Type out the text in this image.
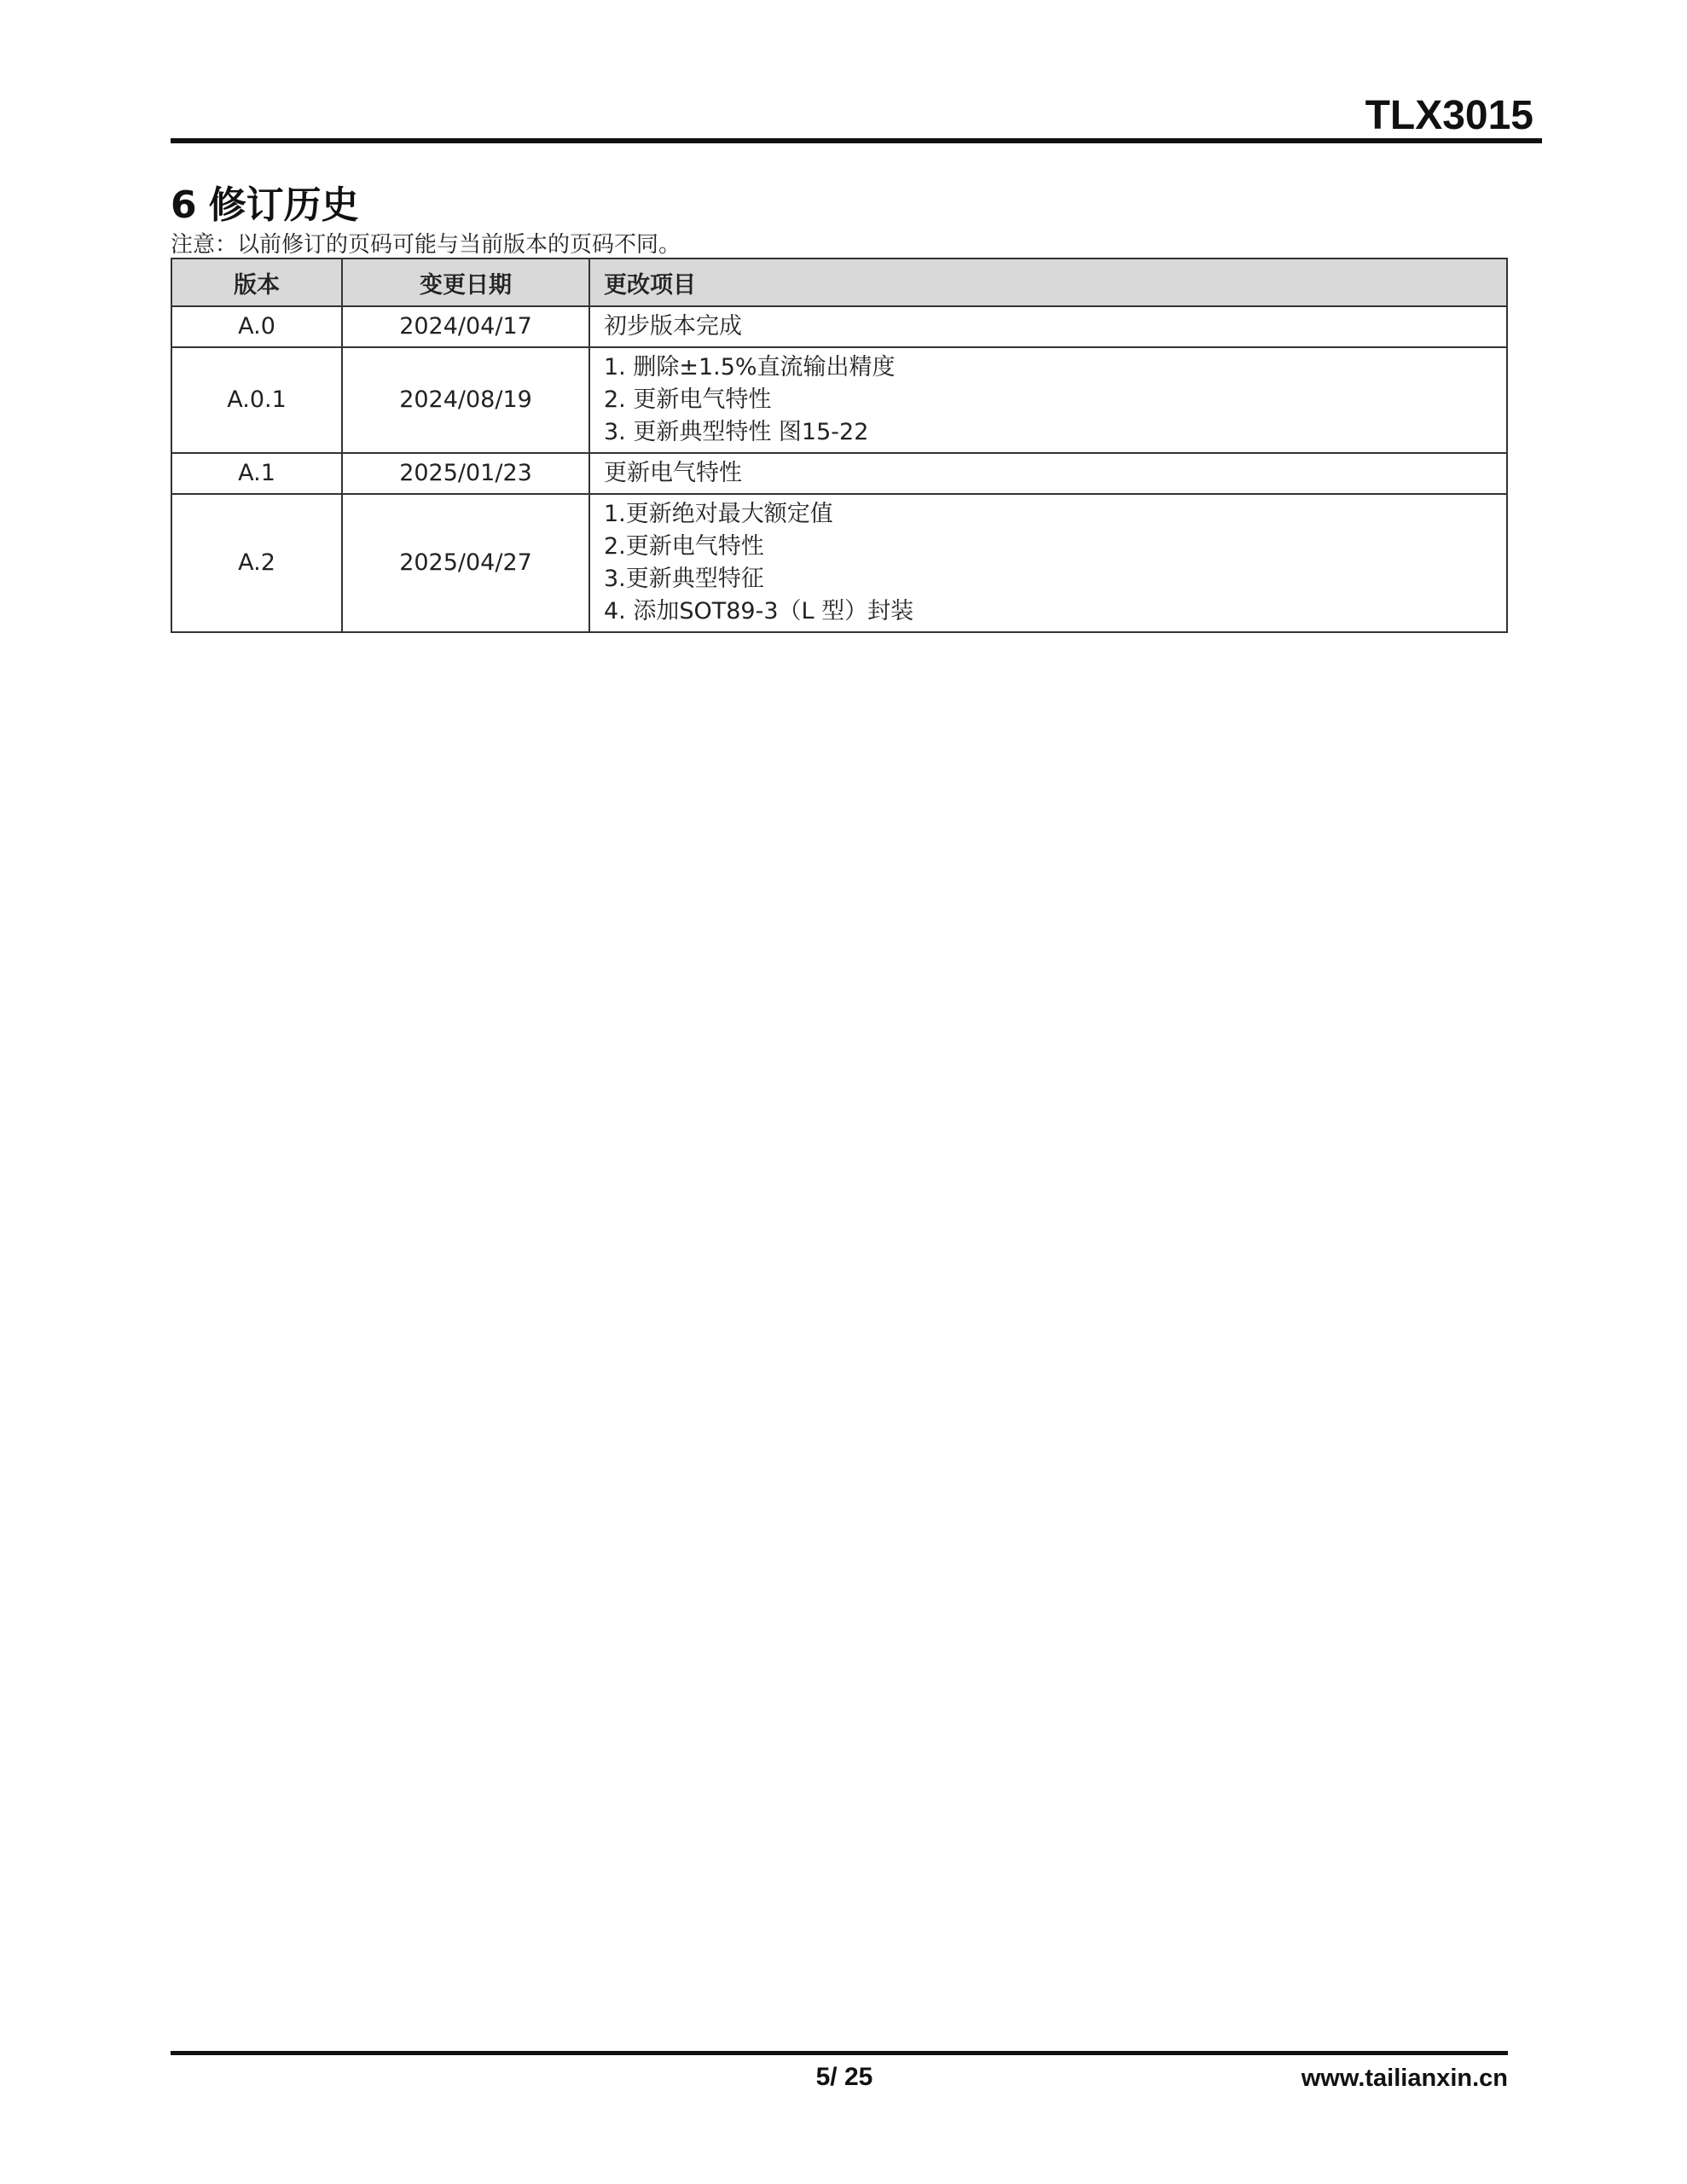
TLX3015
6 修订历史
注意：以前修订的页码可能与当前版本的页码不同。
版本	变更日期	更改项目
A.0	2024/04/17	初步版本完成

A.0.1	2024/08/19	1. 删除±1.5%直流输出精度
2. 更新电气特性
3. 更新典型特性 图15-22

A.1	2025/01/23	更新电气特性

A.2	2025/04/27	1.更新绝对最大额定值
2.更新电气特性
3.更新典型特征
4. 添加SOT89-3（L 型）封装
5/ 25	www.tailianxin.cn
